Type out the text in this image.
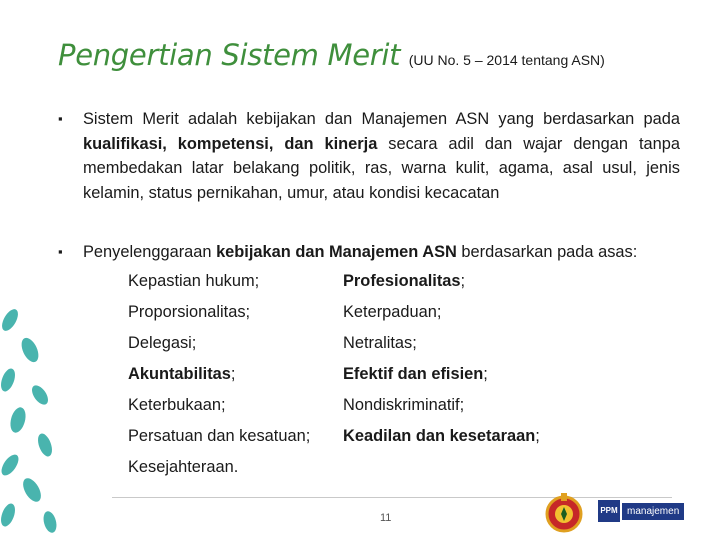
Pengertian Sistem Merit (UU No. 5 – 2014 tentang ASN)
▪ Sistem Merit adalah kebijakan dan Manajemen ASN yang berdasarkan pada kualifikasi, kompetensi, dan kinerja secara adil dan wajar dengan tanpa membedakan latar belakang politik, ras, warna kulit, agama, asal usul, jenis kelamin, status pernikahan, umur, atau kondisi kecacatan
▪ Penyelenggaraan kebijakan dan Manajemen ASN berdasarkan pada asas:
Kepastian hukum;	Profesionalitas;
Proporsionalitas;	Keterpaduan;
Delegasi;	Netralitas;
Akuntabilitas;	Efektif dan efisien;
Keterbukaan;	Nondiskriminatif;
Persatuan dan kesatuan;	Keadilan dan kesetaraan;
Kesejahteraan.
11
PPM manajemen
